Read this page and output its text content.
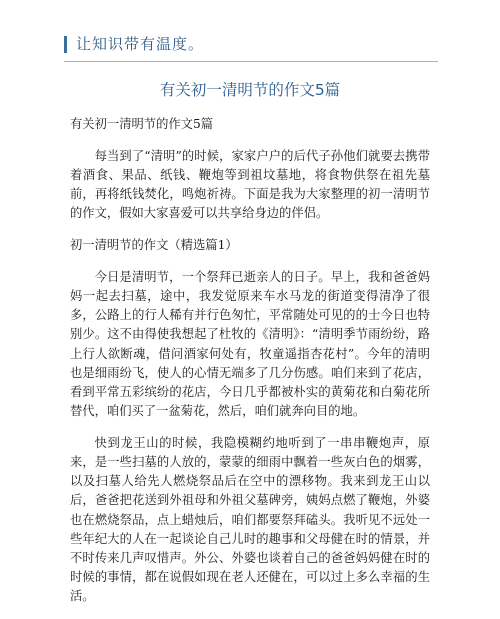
让知识带有温度。
有关初一清明节的作文5篇

有关初一清明节的作文5篇

每当到了“清明”的时候，家家户户的后代子孙他们就要去携带着酒食、果品、纸钱、鞭炮等到祖坟墓地，将食物供祭在祖先墓前，再将纸钱焚化，鸣炮祈祷。下面是我为大家整理的初一清明节的作文，假如大家喜爱可以共享给身边的伴侣。

初一清明节的作文（精选篇1）

今日是清明节，一个祭拜已逝亲人的日子。早上，我和爸爸妈妈一起去扫墓，途中，我发觉原来车水马龙的街道变得清净了很多，公路上的行人稀有并行色匆忙，平常随处可见的的士今日也特别少。这不由得使我想起了杜牧的《清明》：“清明季节雨纷纷，路上行人欲断魂，借问酒家何处有，牧童遥指杏花村”。今年的清明也是细雨纷飞，使人的心情无端多了几分伤感。咱们来到了花店，看到平常五彩缤纷的花店，今日几乎都被朴实的黄菊花和白菊花所替代，咱们买了一盆菊花，然后，咱们就奔向目的地。

快到龙王山的时候，我隐模糊约地听到了一串串鞭炮声，原来，是一些扫墓的人放的，蒙蒙的细雨中飘着一些灰白色的烟雾，以及扫墓人给先人燃烧祭品后在空中的漂移物。我来到龙王山以后，爸爸把花送到外祖母和外祖父墓碑旁，姨妈点燃了鞭炮，外婆也在燃烧祭品，点上蜡烛后，咱们都要祭拜磕头。我听见不远处一些年纪大的人在一起谈论自己儿时的趣事和父母健在时的情景，并不时传来几声叹惜声。外公、外婆也谈着自己的爸爸妈妈健在时的时候的事情，都在说假如现在老人还健在，可以过上多么幸福的生活。
